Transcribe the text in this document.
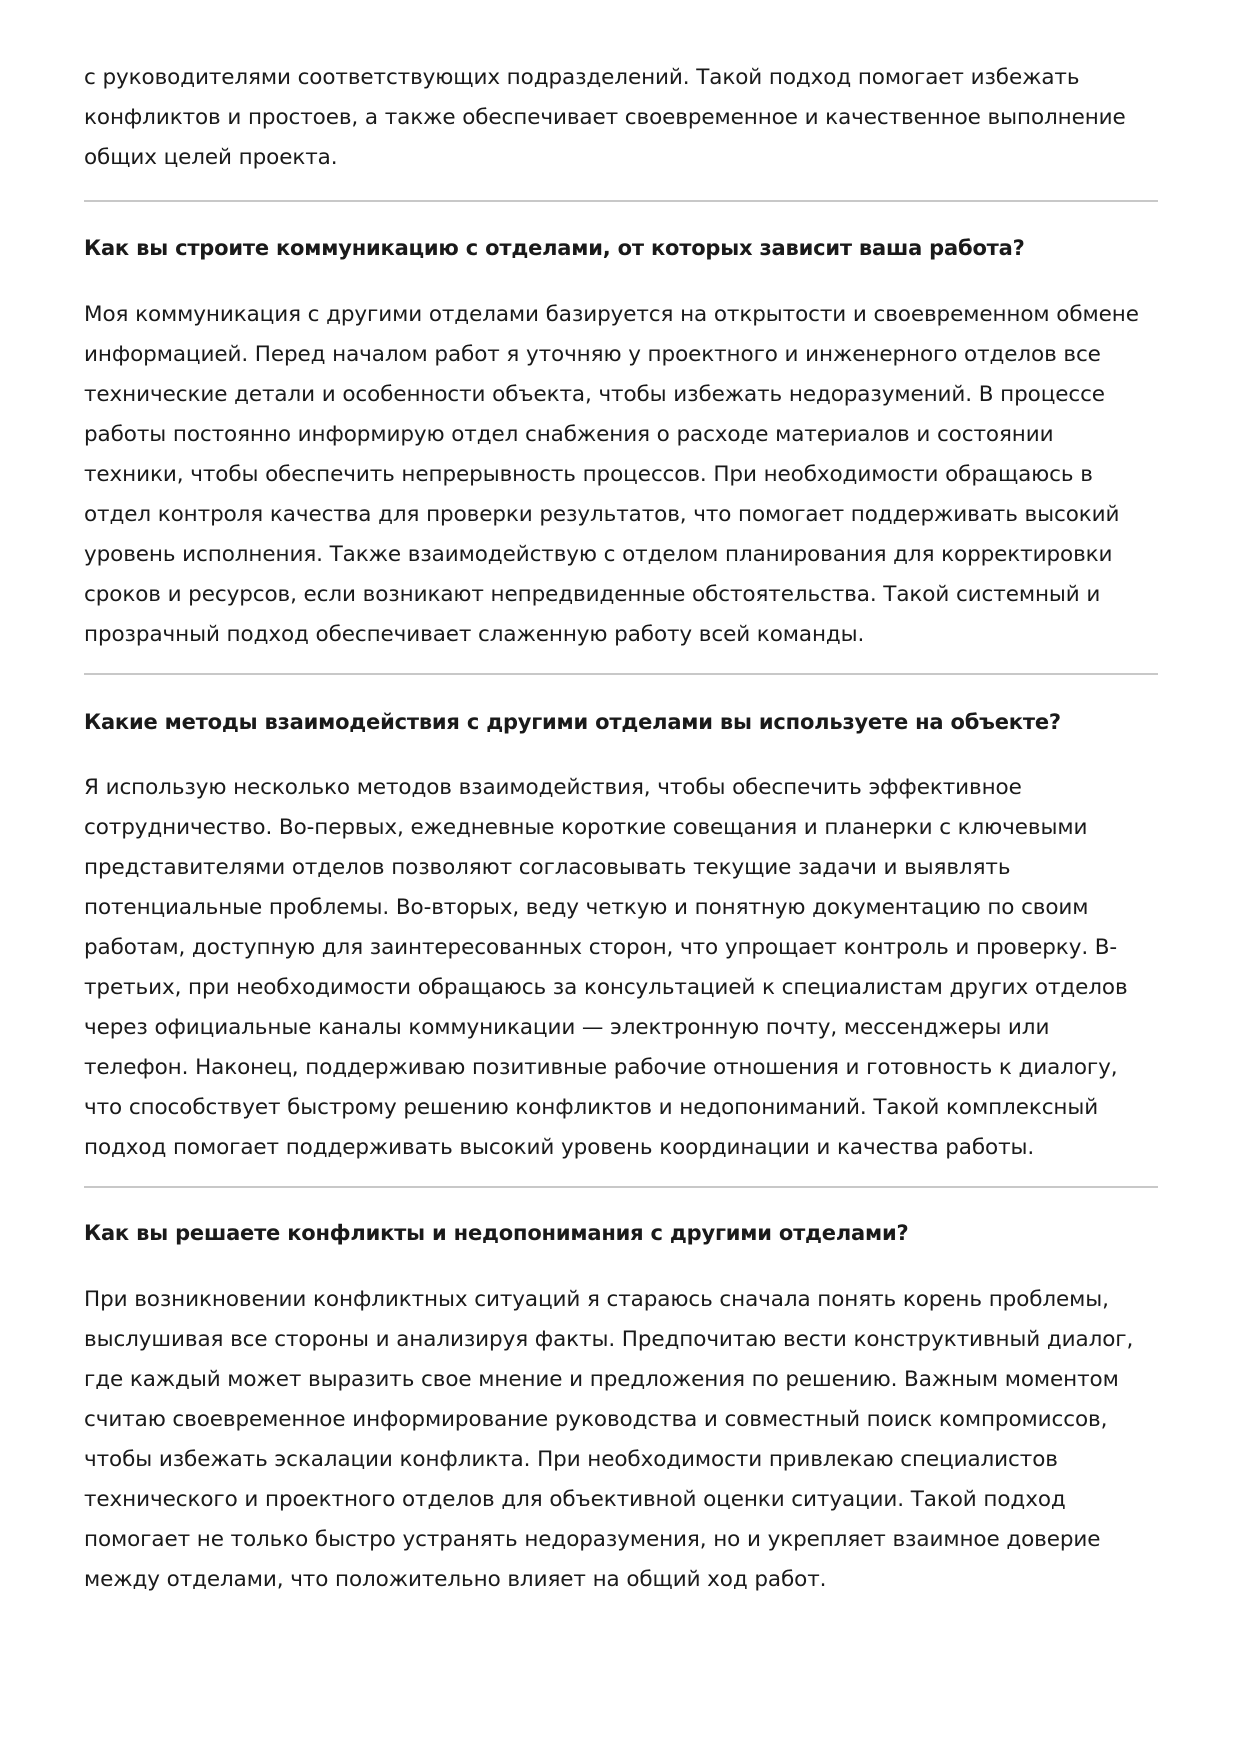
с руководителями соответствующих подразделений. Такой подход помогает избежать конфликтов и простоев, а также обеспечивает своевременное и качественное выполнение общих целей проекта.

Как вы строите коммуникацию с отделами, от которых зависит ваша работа?

Моя коммуникация с другими отделами базируется на открытости и своевременном обмене информацией. Перед началом работ я уточняю у проектного и инженерного отделов все технические детали и особенности объекта, чтобы избежать недоразумений. В процессе работы постоянно информирую отдел снабжения о расходе материалов и состоянии техники, чтобы обеспечить непрерывность процессов. При необходимости обращаюсь в отдел контроля качества для проверки результатов, что помогает поддерживать высокий уровень исполнения. Также взаимодействую с отделом планирования для корректировки сроков и ресурсов, если возникают непредвиденные обстоятельства. Такой системный и прозрачный подход обеспечивает слаженную работу всей команды.

Какие методы взаимодействия с другими отделами вы используете на объекте?

Я использую несколько методов взаимодействия, чтобы обеспечить эффективное сотрудничество. Во-первых, ежедневные короткие совещания и планерки с ключевыми представителями отделов позволяют согласовывать текущие задачи и выявлять потенциальные проблемы. Во-вторых, веду четкую и понятную документацию по своим работам, доступную для заинтересованных сторон, что упрощает контроль и проверку. В-третьих, при необходимости обращаюсь за консультацией к специалистам других отделов через официальные каналы коммуникации — электронную почту, мессенджеры или телефон. Наконец, поддерживаю позитивные рабочие отношения и готовность к диалогу, что способствует быстрому решению конфликтов и недопониманий. Такой комплексный подход помогает поддерживать высокий уровень координации и качества работы.

Как вы решаете конфликты и недопонимания с другими отделами?

При возникновении конфликтных ситуаций я стараюсь сначала понять корень проблемы, выслушивая все стороны и анализируя факты. Предпочитаю вести конструктивный диалог, где каждый может выразить свое мнение и предложения по решению. Важным моментом считаю своевременное информирование руководства и совместный поиск компромиссов, чтобы избежать эскалации конфликта. При необходимости привлекаю специалистов технического и проектного отделов для объективной оценки ситуации. Такой подход помогает не только быстро устранять недоразумения, но и укрепляет взаимное доверие между отделами, что положительно влияет на общий ход работ.
